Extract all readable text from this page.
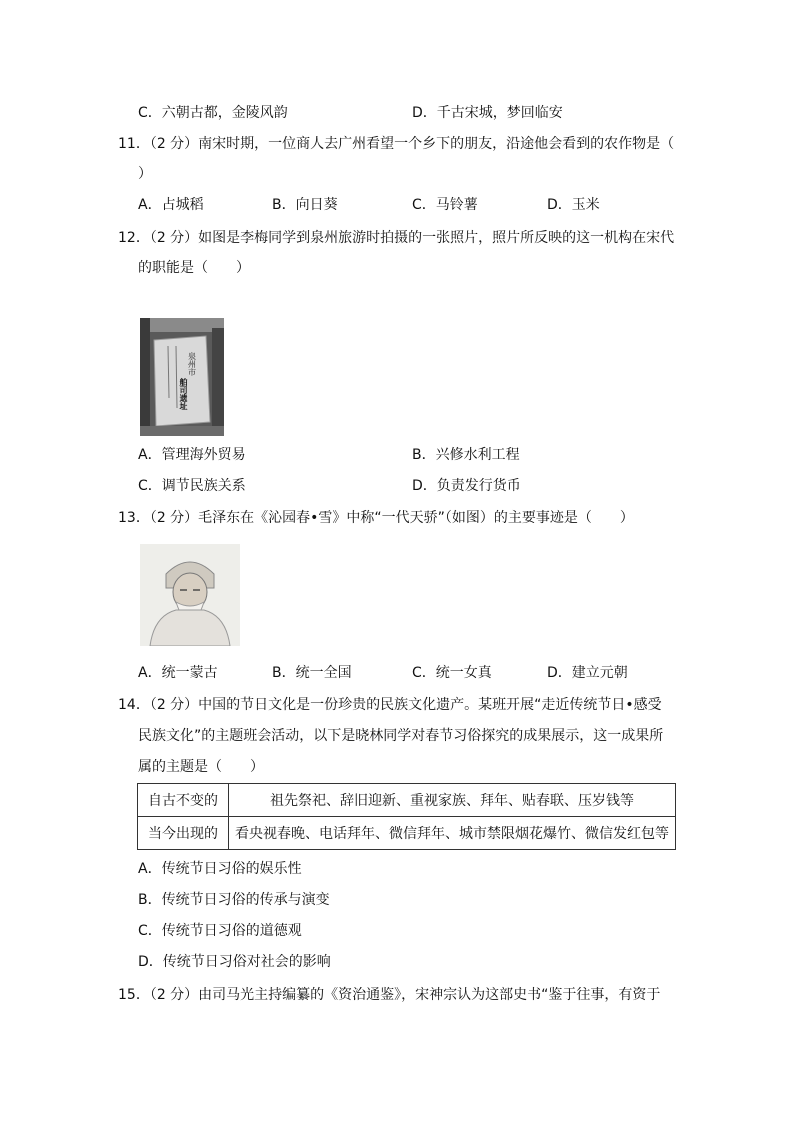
C．六朝古都，金陵风韵	D．千古宋城，梦回临安
11．（2 分）南宋时期，一位商人去广州看望一个乡下的朋友，沿途他会看到的农作物是（
）
A．占城稻	B．向日葵	C．马铃薯	D．玉米
12．（2 分）如图是李梅同学到泉州旅游时拍摄的一张照片，照片所反映的这一机构在宋代
的职能是（　　）
泉州市
舶司遗址
A．管理海外贸易	B．兴修水利工程
C．调节民族关系	D．负责发行货币
13．（2 分）毛泽东在《沁园春•雪》中称“一代天骄”（如图）的主要事迹是（　　）
A．统一蒙古	B．统一全国	C．统一女真	D．建立元朝
14．（2 分）中国的节日文化是一份珍贵的民族文化遗产。某班开展“走近传统节日•感受
民族文化”的主题班会活动，以下是晓林同学对春节习俗探究的成果展示，这一成果所
属的主题是（　　）
自古不变的	祖先祭祀、辞旧迎新、重视家族、拜年、贴春联、压岁钱等
当今出现的	看央视春晚、电话拜年、微信拜年、城市禁限烟花爆竹、微信发红包等
A．传统节日习俗的娱乐性
B．传统节日习俗的传承与演变
C．传统节日习俗的道德观
D．传统节日习俗对社会的影响
15．（2 分）由司马光主持编纂的《资治通鉴》，宋神宗认为这部史书“鉴于往事，有资于
